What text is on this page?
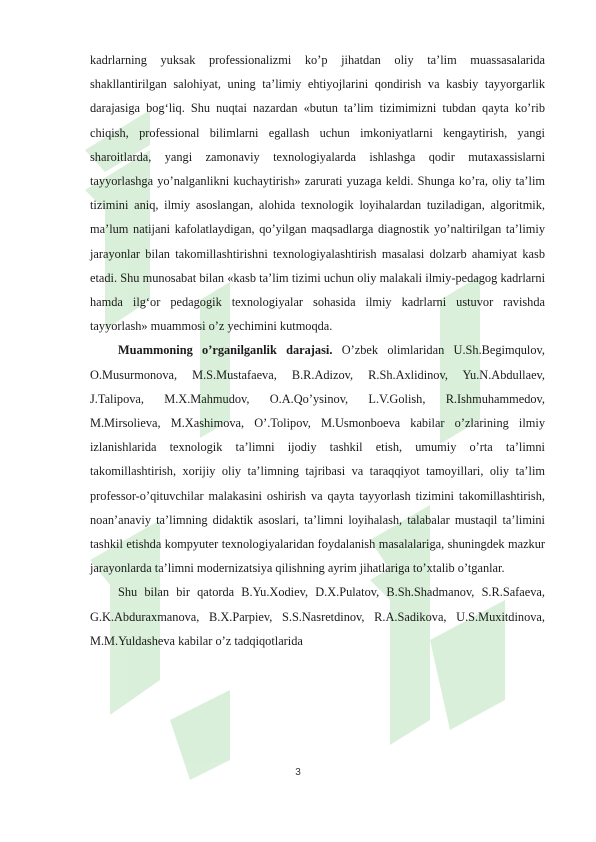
kadrlarning yuksak professionalizmi ko’p jihatdan oliy ta’lim muassasalarida shakllantirilgan salohiyat, uning ta’limiy ehtiyojlarini qondirish va kasbiy tayyorgarlik darajasiga bog‘liq. Shu nuqtai nazardan «butun ta’lim tizimimizni tubdan qayta ko’rib chiqish, professional bilimlarni egallash uchun imkoniyatlarni kengaytirish, yangi sharoitlarda, yangi zamonaviy texnologiyalarda ishlashga qodir mutaxassislarni tayyorlashga yo’nalganlikni kuchaytirish» zarurati yuzaga keldi. Shunga ko’ra, oliy ta’lim tizimini aniq, ilmiy asoslangan, alohida texnologik loyihalardan tuziladigan, algoritmik, ma’lum natijani kafolatlaydigan, qo’yilgan maqsadlarga diagnostik yo’naltirilgan ta’limiy jarayonlar bilan takomillashtirishni texnologiyalashtirish masalasi dolzarb ahamiyat kasb etadi. Shu munosabat bilan «kasb ta’lim tizimi uchun oliy malakali ilmiy-pedagog kadrlarni hamda ilg‘or pedagogik texnologiyalar sohasida ilmiy kadrlarni ustuvor ravishda tayyorlash» muammosi o’z yechimini kutmoqda.

Muammoning o’rganilganlik darajasi. O’zbek olimlaridan U.Sh.Begimqulov, O.Musurmonova, M.S.Mustafaeva, B.R.Adizov, R.Sh.Axlidinov, Yu.N.Abdullaev, J.Talipova, M.X.Mahmudov, O.A.Qo’ysinov, L.V.Golish, R.Ishmuhammedov, M.Mirsolieva, M.Xashimova, O’.Tolipov, M.Usmonboeva kabilar o’zlarining ilmiy izlanishlarida texnologik ta’limni ijodiy tashkil etish, umumiy o’rta ta’limni takomillashtirish, xorijiy oliy ta’limning tajribasi va taraqqiyot tamoyillari, oliy ta’lim professor-o’qituvchilar malakasini oshirish va qayta tayyorlash tizimini takomillashtirish, noan’anaviy ta’limning didaktik asoslari, ta’limni loyihalash, talabalar mustaqil ta’limini tashkil etishda kompyuter texnologiyalaridan foydalanish masalalariga, shuningdek mazkur jarayonlarda ta’limni modernizatsiya qilishning ayrim jihatlariga to’xtalib o’tganlar.

Shu bilan bir qatorda B.Yu.Xodiev, D.X.Pulatov, B.Sh.Shadmanov, S.R.Safaeva, G.K.Abduraxmanova, B.X.Parpiev, S.S.Nasretdinov, R.A.Sadikova, U.S.Muxitdinova, M.M.Yuldasheva kabilar o’z tadqiqotlarida

3
